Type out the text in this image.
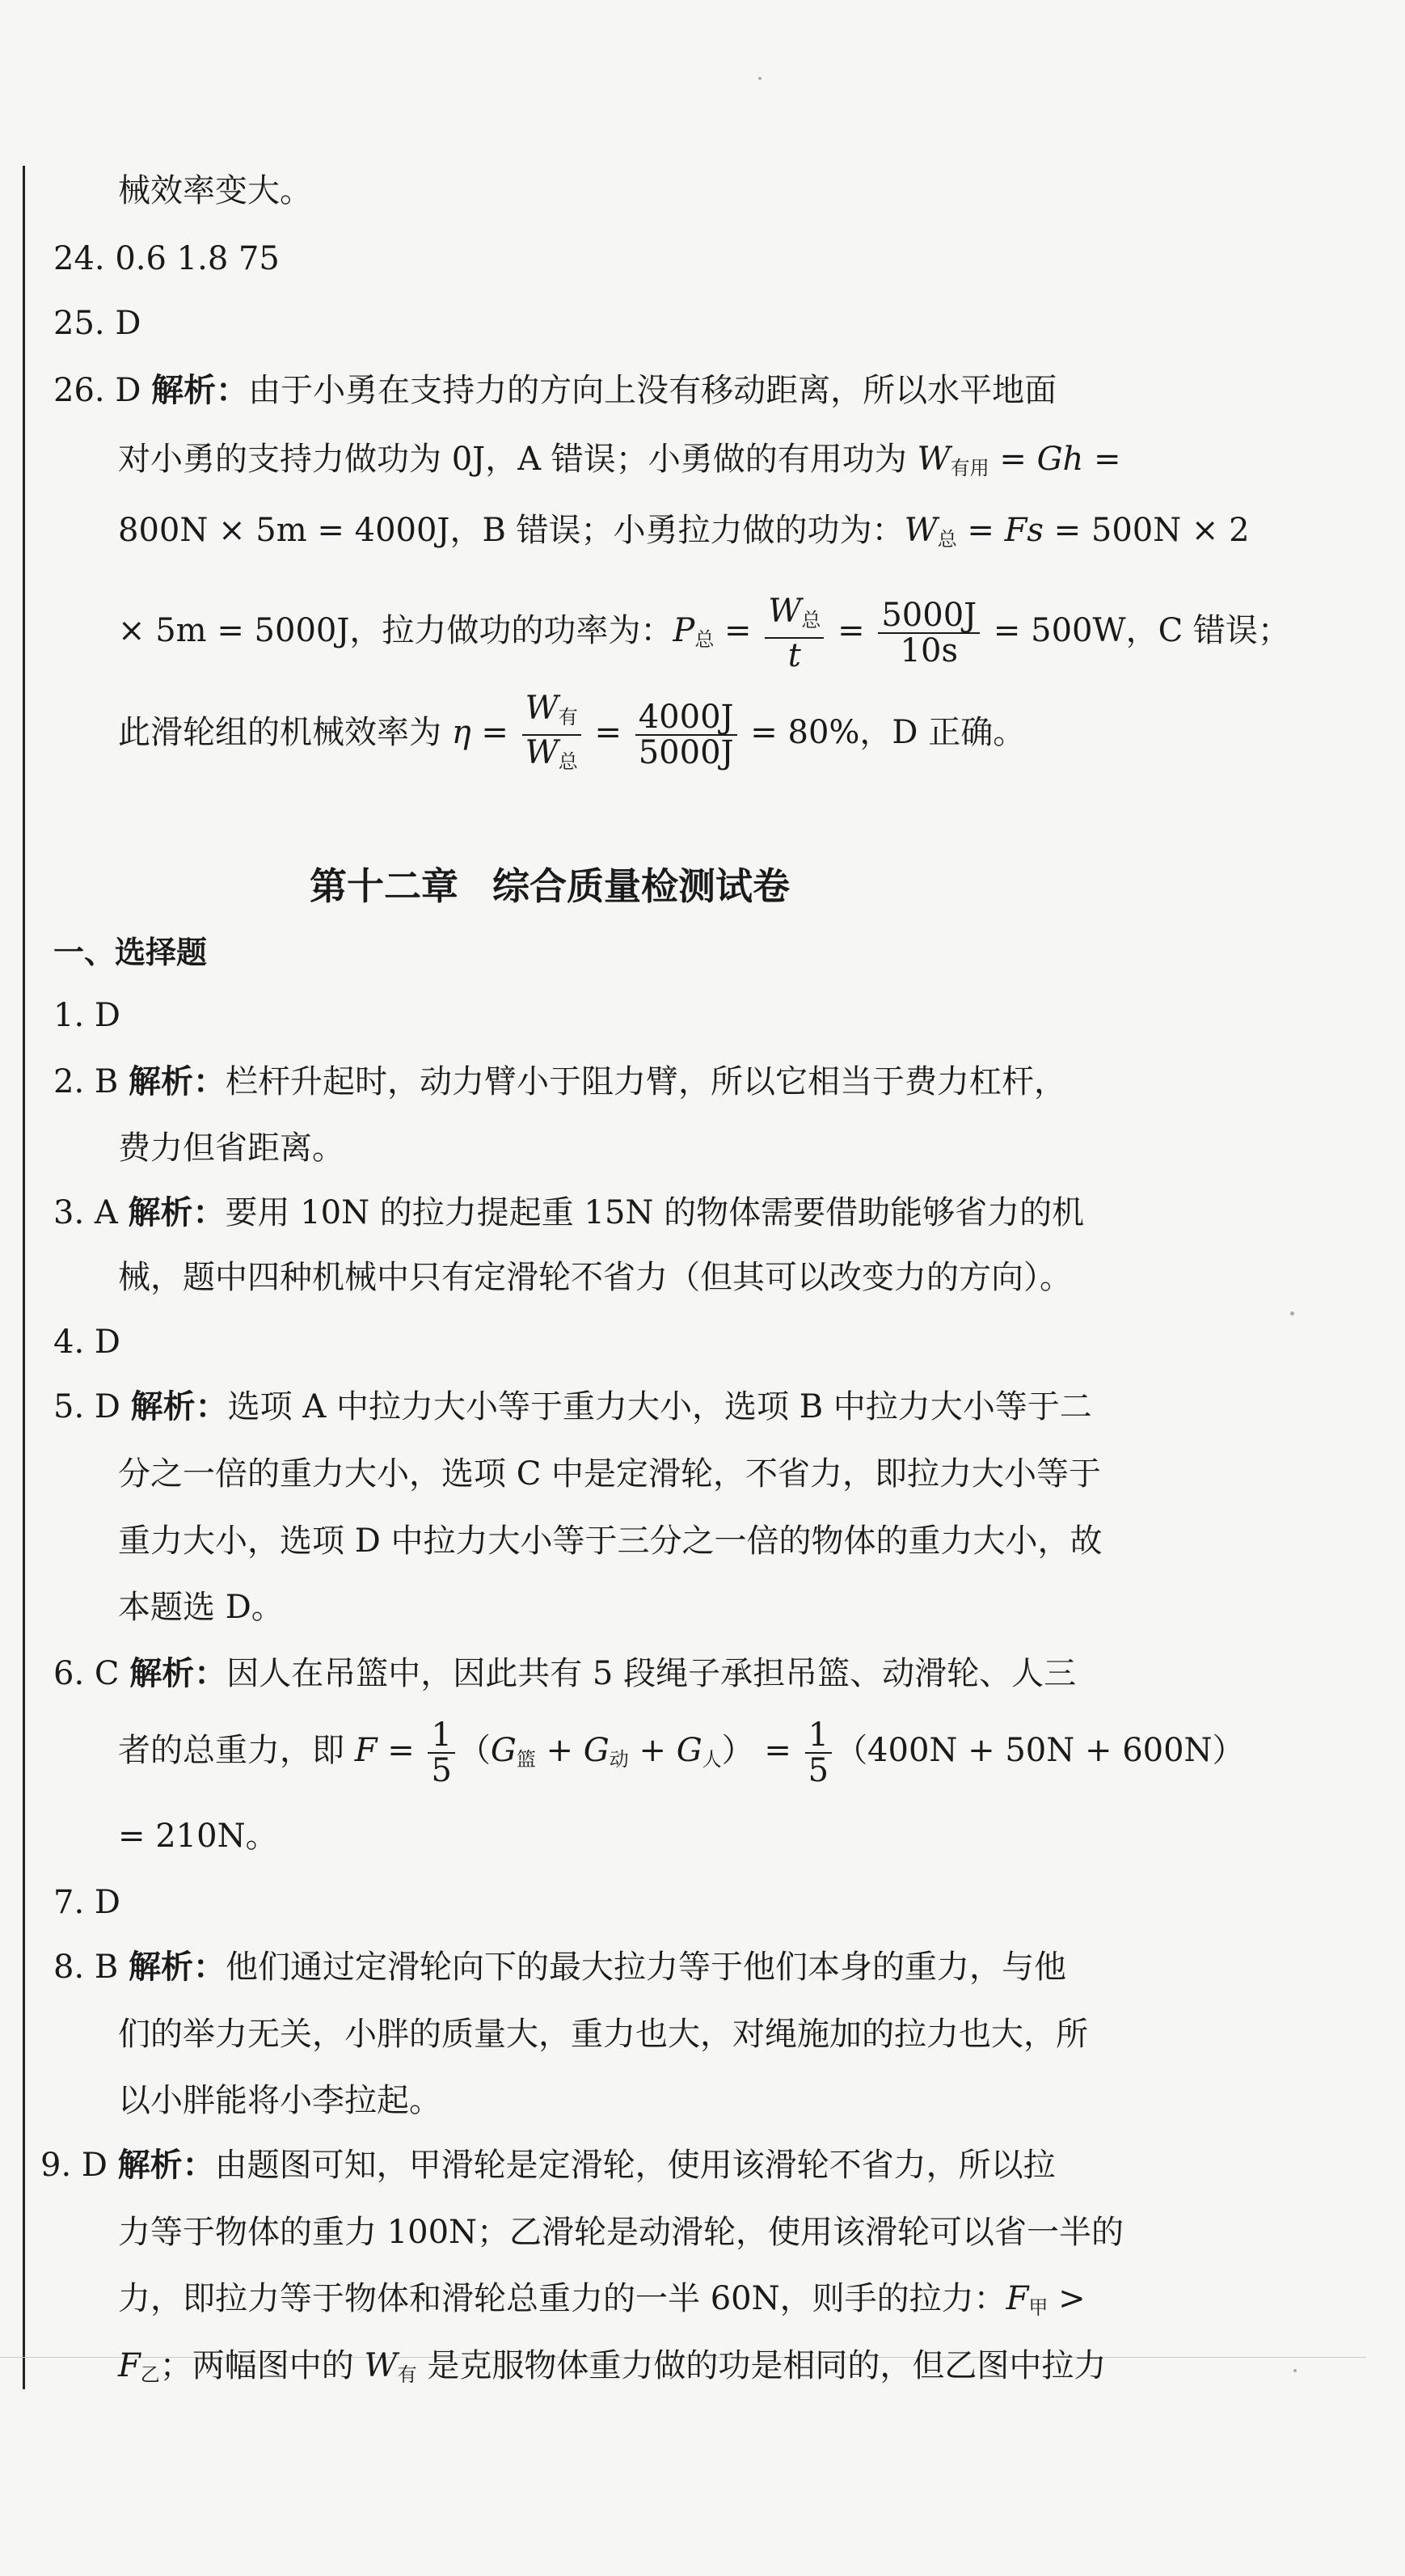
械效率变大。
24. 0.6 1.8 75
25. D
26. D 解析：由于小勇在支持力的方向上没有移动距离，所以水平地面
对小勇的支持力做功为 0J，A 错误；小勇做的有用功为 $W_{有用} = Gh$ =
800N × 5m = 4000J，B 错误；小勇拉力做的功为：$W_总 = Fs = 500N \times 2$
× 5m = 5000J，拉力做功的功率为：$P_总 = \frac{W_总}{t} = \frac{5000J}{10s} = 500W$，C 错误；
此滑轮组的机械效率为 $\eta = \frac{W_有}{W_总} = \frac{4000J}{5000J} = 80\%$，D 正确。
第十二章 综合质量检测试卷
一、选择题
1. D
2. B 解析：栏杆升起时，动力臂小于阻力臂，所以它相当于费力杠杆，
费力但省距离。
3. A 解析：要用 10N 的拉力提起重 15N 的物体需要借助能够省力的机
械，题中四种机械中只有定滑轮不省力（但其可以改变力的方向）。
4. D
5. D 解析：选项 A 中拉力大小等于重力大小，选项 B 中拉力大小等于二
分之一倍的重力大小，选项 C 中是定滑轮，不省力，即拉力大小等于
重力大小，选项 D 中拉力大小等于三分之一倍的物体的重力大小，故
本题选 D。
6. C 解析：因人在吊篮中，因此共有 5 段绳子承担吊篮、动滑轮、人三
者的总重力，即 $F = \frac{1}{5} (G_篮 + G_动 + G_人) = \frac{1}{5} (400N + 50N + 600N)$
= 210N。
7. D
8. B 解析：他们通过定滑轮向下的最大拉力等于他们本身的重力，与他
们的举力无关，小胖的质量大，重力也大，对绳施加的拉力也大，所
以小胖能将小李拉起。
9. D 解析：由题图可知，甲滑轮是定滑轮，使用该滑轮不省力，所以拉
力等于物体的重力 100N；乙滑轮是动滑轮，使用该滑轮可以省一半的
力，即拉力等于物体和滑轮总重力的一半 60N，则手的拉力：$F_甲$ >
$F_乙$；两幅图中的 $W_有$ 是克服物体重力做的功是相同的，但乙图中拉力
